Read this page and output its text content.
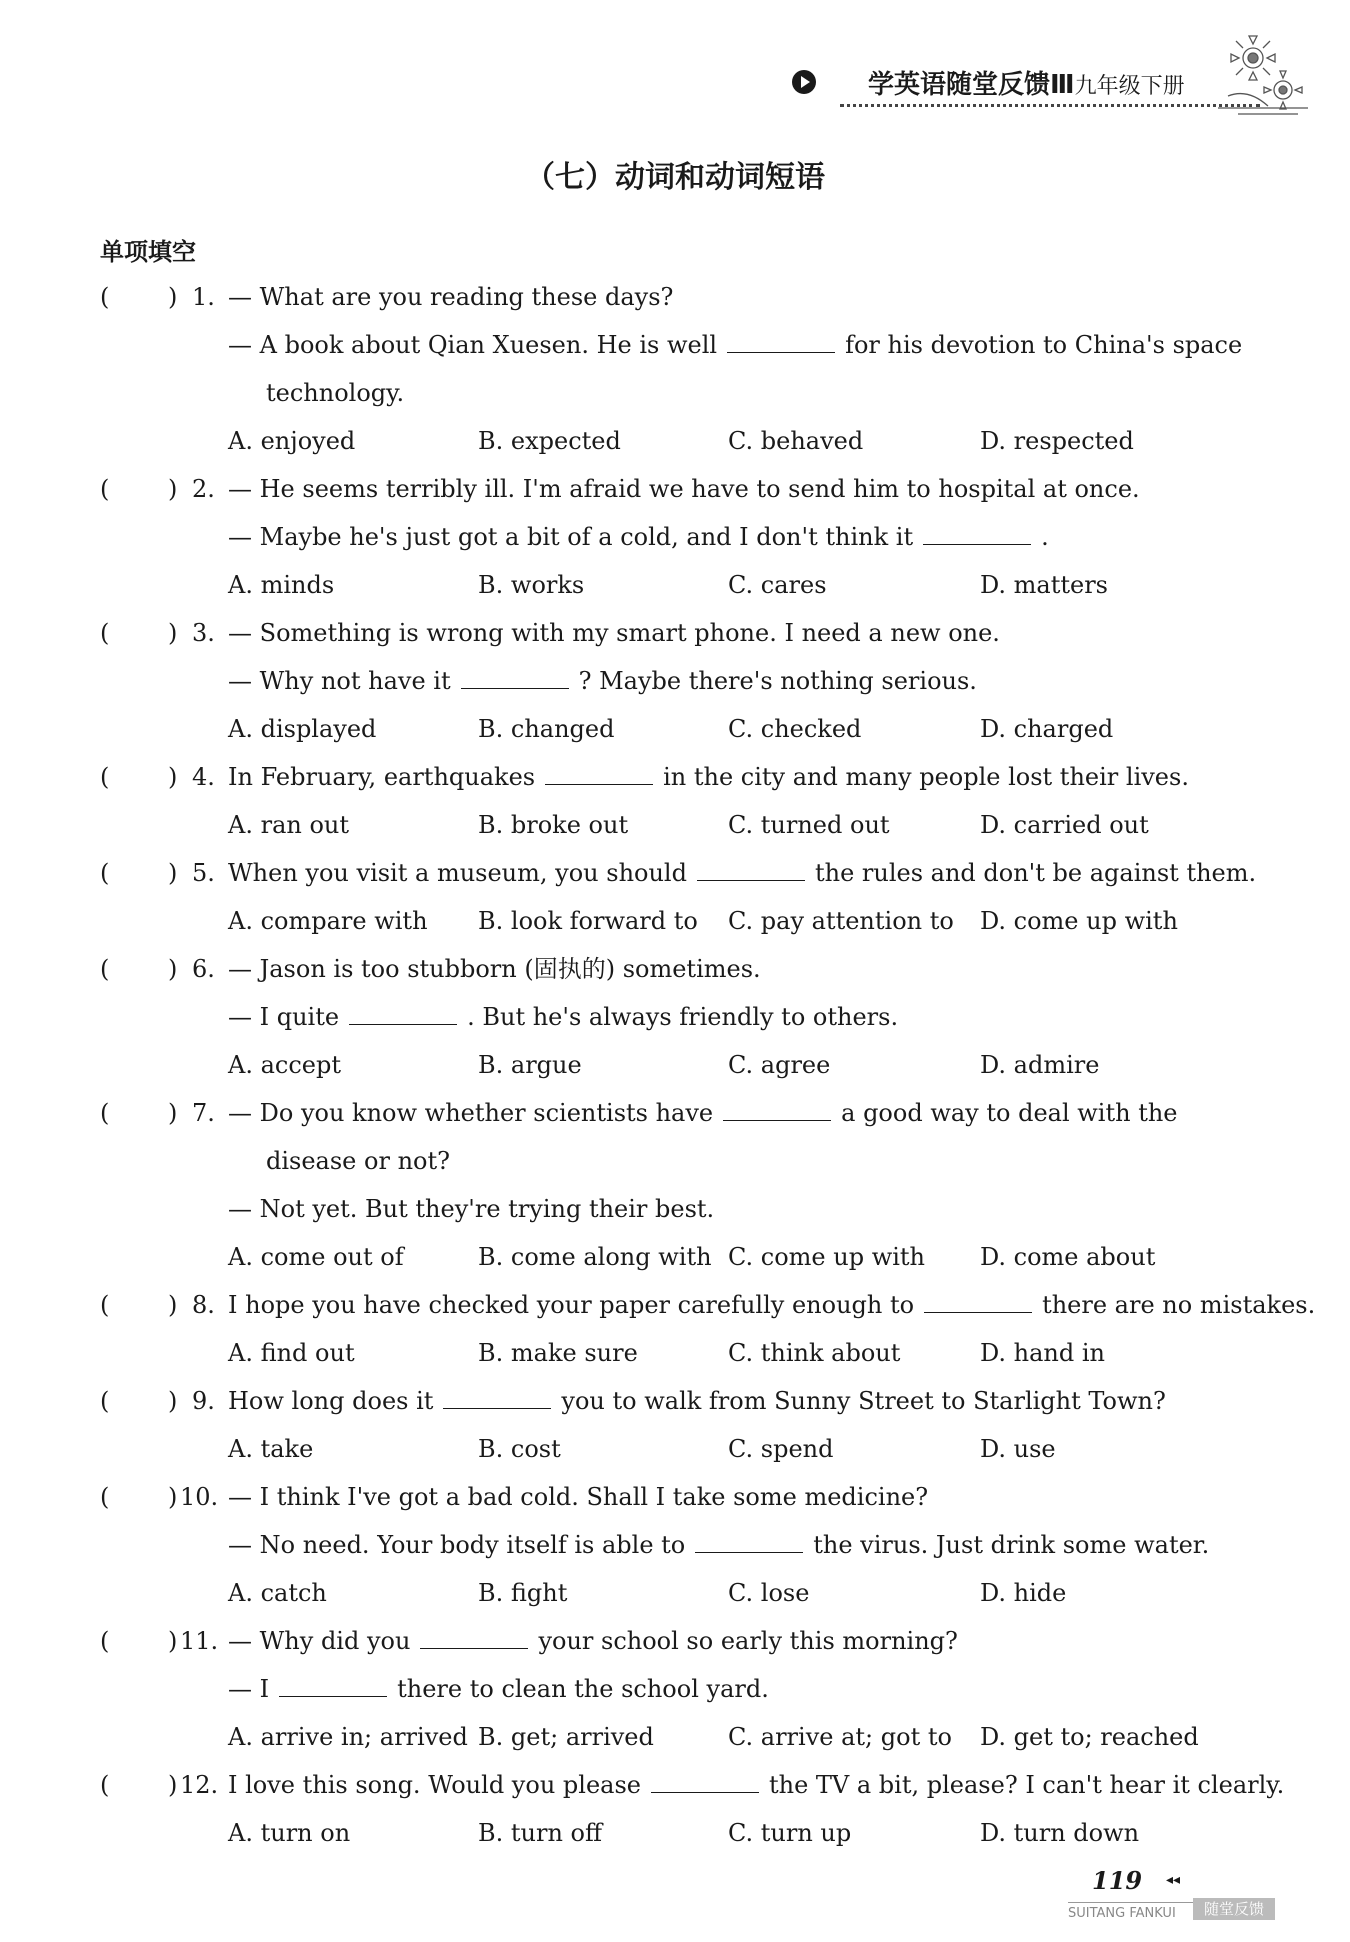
学英语随堂反馈Ⅲ九年级下册
（七）动词和动词短语
单项填空
( ) 1. — What are you reading these days?
— A book about Qian Xuesen. He is well	for his devotion to China's space
technology.
A. enjoyed	B. expected	C. behaved	D. respected
( ) 2. — He seems terribly ill. I'm afraid we have to send him to hospital at once.
— Maybe he's just got a bit of a cold, and I don't think it	.
A. minds	B. works	C. cares	D. matters
( ) 3. — Something is wrong with my smart phone. I need a new one.
— Why not have it	? Maybe there's nothing serious.
A. displayed	B. changed	C. checked	D. charged
( ) 4. In February, earthquakes	in the city and many people lost their lives.
A. ran out	B. broke out	C. turned out	D. carried out
( ) 5. When you visit a museum, you should	the rules and don't be against them.
A. compare with B. look forward to C. pay attention to D. come up with
( ) 6. — Jason is too stubborn (固执的) sometimes.
— I quite	. But he's always friendly to others.
A. accept	B. argue	C. agree	D. admire
( ) 7. — Do you know whether scientists have	a good way to deal with the
disease or not?
— Not yet. But they're trying their best.
A. come out of	B. come along with C. come up with D. come about
( ) 8. I hope you have checked your paper carefully enough to	there are no mistakes.
A. find out	B. make sure	C. think about	D. hand in
( ) 9. How long does it	you to walk from Sunny Street to Starlight Town?
A. take	B. cost	C. spend	D. use
( ) 10. — I think I've got a bad cold. Shall I take some medicine?
— No need. Your body itself is able to	the virus. Just drink some water.
A. catch	B. fight	C. lose	D. hide
( ) 11. — Why did you	your school so early this morning?
— I	there to clean the school yard.
A. arrive in; arrived B. get; arrived	C. arrive at; got to D. get to; reached
( ) 12. I love this song. Would you please	the TV a bit, please? I can't hear it clearly.
A. turn on	B. turn off	C. turn up	D. turn down
119 ◂◂
SUITANG FANKUI	随堂反馈
